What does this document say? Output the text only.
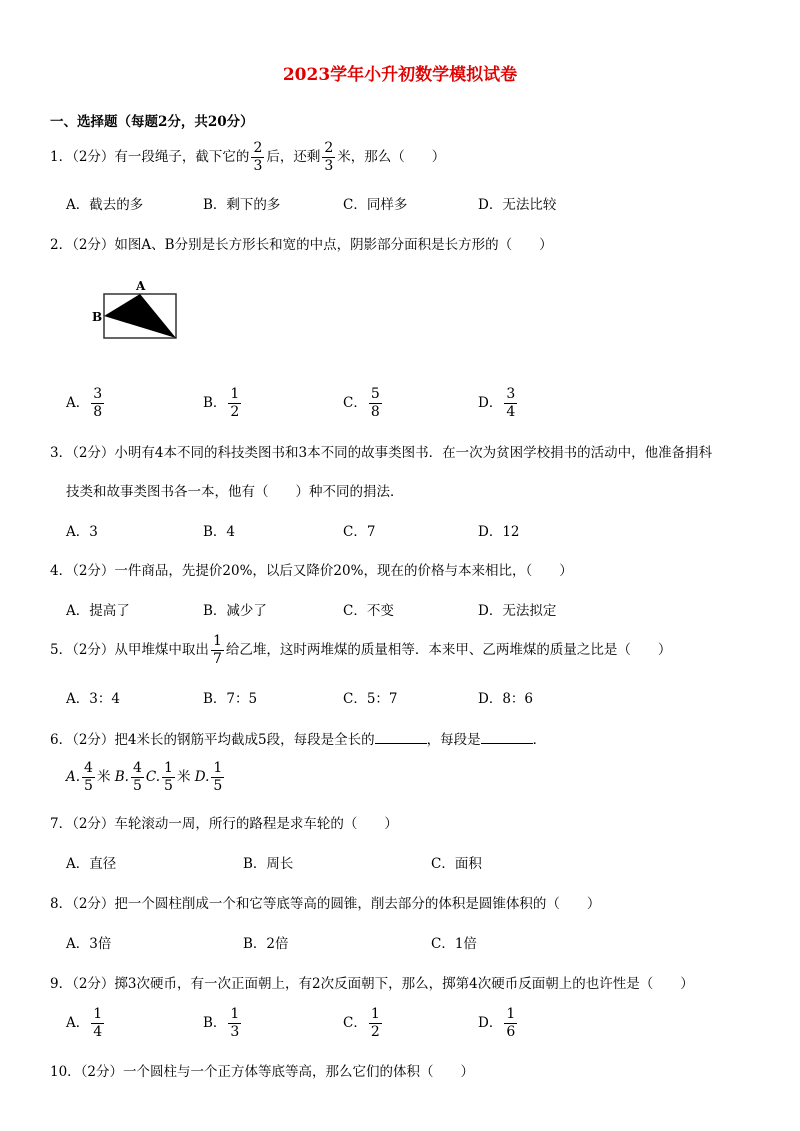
2023学年小升初数学模拟试卷
一、选择题（每题2分，共20分）
1．（2分）有一段绳子，截下它的 $\frac{2}{3}$ 后，还剩 $\frac{2}{3}$ 米，那么（　　）
A．截去的多	B．剩下的多	C．同样多	D．无法比较
2．（2分）如图A、B分别是长方形长和宽的中点，阴影部分面积是长方形的（　　）
A
B
A． $\frac{3}{8}$	B． $\frac{1}{2}$	C． $\frac{5}{8}$	D． $\frac{3}{4}$
3．（2分）小明有4本不同的科技类图书和3本不同的故事类图书．在一次为贫困学校捐书的活动中，他准备捐科
技类和故事类图书各一本，他有（　　）种不同的捐法．
A．3	B．4	C．7	D．12
4．（2分）一件商品，先提价20%，以后又降价20%，现在的价格与本来相比，（　　）
A．提高了	B．减少了	C．不变	D．无法拟定
5．（2分）从甲堆煤中取出 $\frac{1}{7}$ 给乙堆，这时两堆煤的质量相等．本来甲、乙两堆煤的质量之比是（　　）
A．3：4	B．7：5	C．5：7	D．8：6
6．（2分）把4米长的钢筋平均截成5段，每段是全长的	，每段是	．
A. $\frac{4}{5}$ 米 B. $\frac{4}{5} C$. $\frac{1}{5}$ 米 D. $\frac{1}{5}$
7．（2分）车轮滚动一周，所行的路程是求车轮的（　　）
A．直径	B．周长	C．面积
8．（2分）把一个圆柱削成一个和它等底等高的圆锥，削去部分的体积是圆锥体积的（　　）
A．3倍	B．2倍	C．1倍
9．（2分）掷3次硬币，有一次正面朝上，有2次反面朝下，那么，掷第4次硬币反面朝上的也许性是（　　）
A． $\frac{1}{4}$	B． $\frac{1}{3}$	C． $\frac{1}{2}$	D． $\frac{1}{6}$
10．（2分）一个圆柱与一个正方体等底等高，那么它们的体积（　　）
